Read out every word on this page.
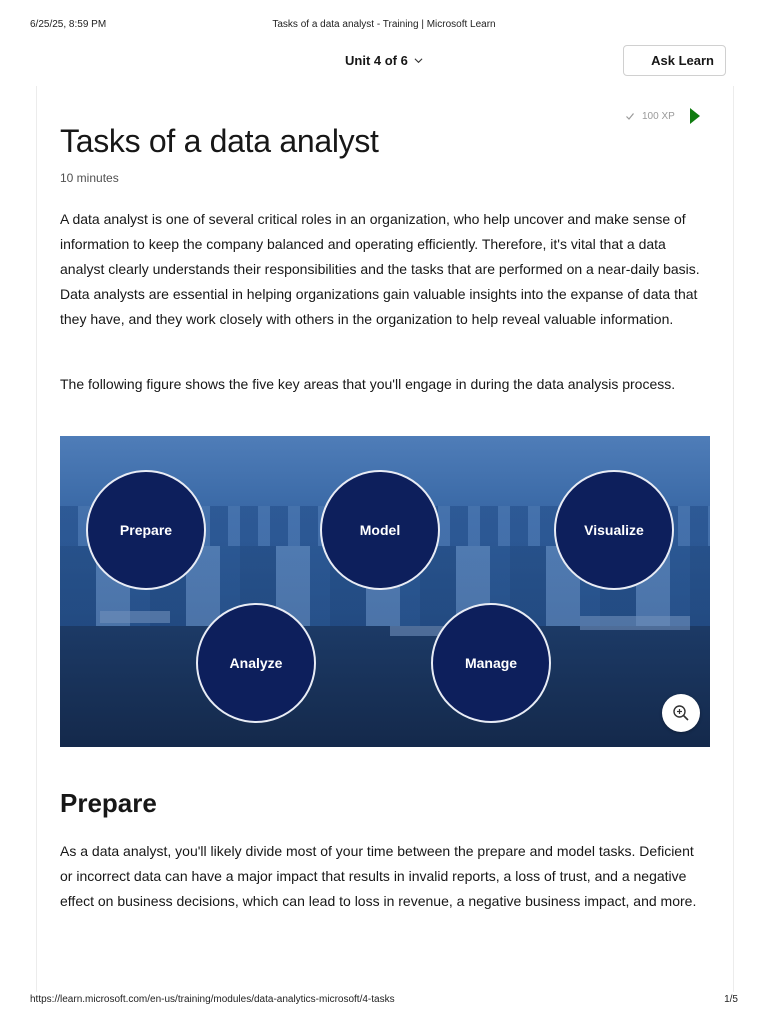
6/25/25, 8:59 PM	Tasks of a data analyst - Training | Microsoft Learn
Unit 4 of 6	Ask Learn
100 XP
Tasks of a data analyst
10 minutes

A data analyst is one of several critical roles in an organization, who help uncover and make sense of information to keep the company balanced and operating efficiently. Therefore, it's vital that a data analyst clearly understands their responsibilities and the tasks that are performed on a near-daily basis. Data analysts are essential in helping organizations gain valuable insights into the expanse of data that they have, and they work closely with others in the organization to help reveal valuable information.

The following figure shows the five key areas that you'll engage in during the data analysis process.

Prepare	Model	Visualize
Analyze	Manage
Prepare

As a data analyst, you'll likely divide most of your time between the prepare and model tasks. Deficient or incorrect data can have a major impact that results in invalid reports, a loss of trust, and a negative effect on business decisions, which can lead to loss in revenue, a negative business impact, and more.

https://learn.microsoft.com/en-us/training/modules/data-analytics-microsoft/4-tasks	1/5
